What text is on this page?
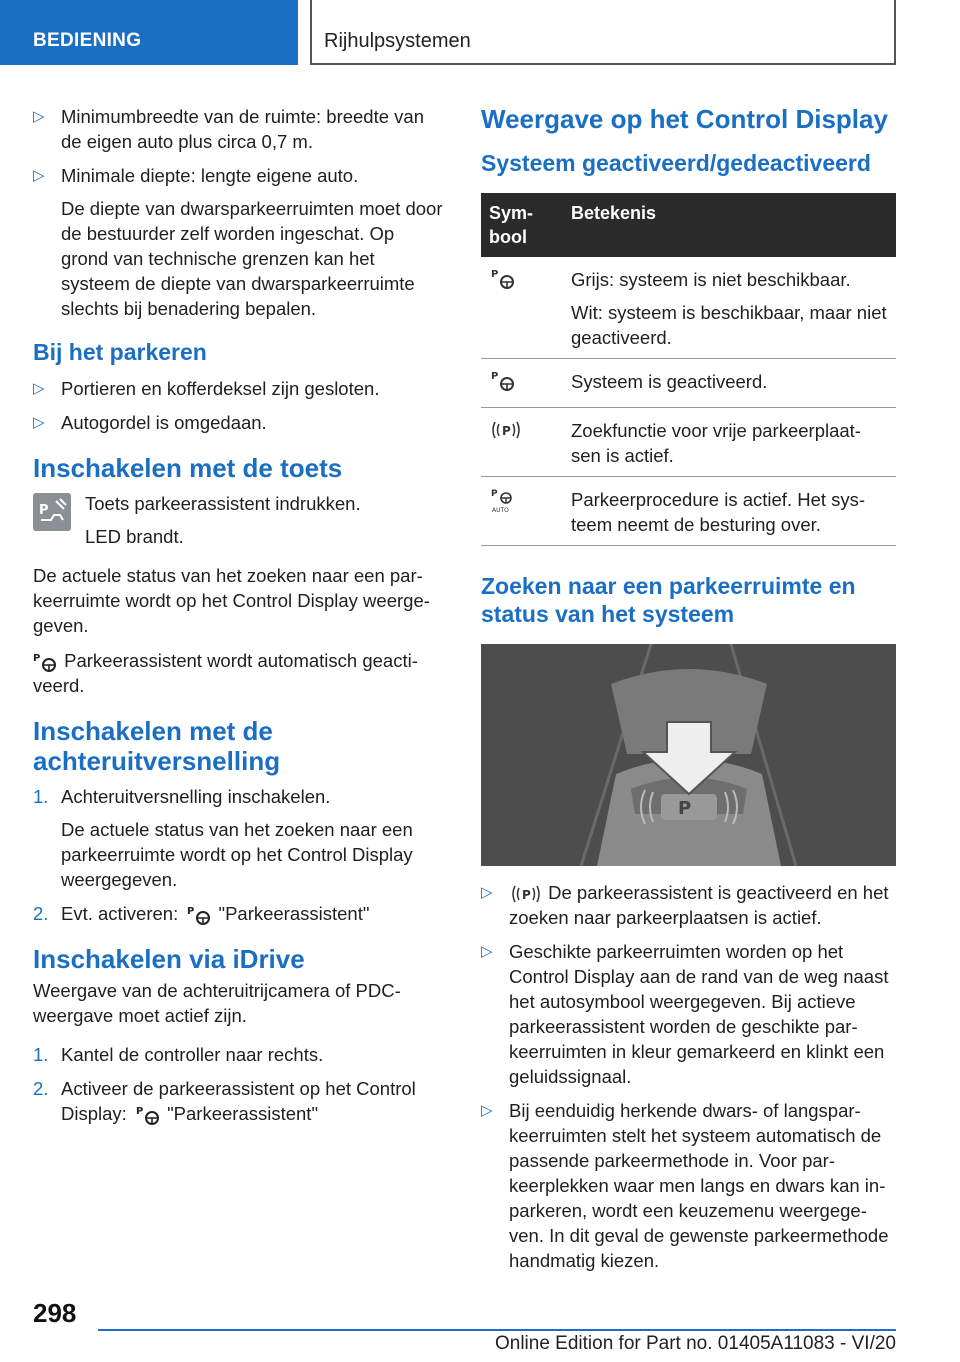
BEDIENING	Rijhulpsystemen
▷ Minimumbreedte van de ruimte: breedte van de eigen auto plus circa 0,7 m.
▷ Minimale diepte: lengte eigene auto.

De diepte van dwarsparkeerruimten moet door de bestuurder zelf worden ingeschat. Op grond van technische grenzen kan het systeem de diepte van dwarsparkeerruimte slechts bij benadering bepalen.

Bij het parkeren
▷ Portieren en kofferdeksel zijn gesloten.
▷ Autogordel is omgedaan.
Inschakelen met de toets
P Toets parkeerassistent indrukken.

LED brandt.

De actuele status van het zoeken naar een par-keerruimte wordt op het Control Display weerge-geven.

P Parkeerassistent wordt automatisch geacti-veerd.

Inschakelen met de achteruitversnelling
1. Achteruitversnelling inschakelen.

De actuele status van het zoeken naar een parkeerruimte wordt op het Control Display weergegeven.

2. Evt. activeren: P "Parkeerassistent"
Inschakelen via iDrive

Weergave van de achteruitrijcamera of PDC-weergave moet actief zijn.

1. Kantel de controller naar rechts.
2. Activeer de parkeerassistent op het Control Display: P "Parkeerassistent"
Weergave op het Control Display
Systeem geactiveerd/gedeactiveerd
Sym-bool	Betekenis

P	Grijs: systeem is niet beschikbaar.

Wit: systeem is beschikbaar, maar niet geactiveerd.

P	Systeem is geactiveerd.

P	Zoekfunctie voor vrije parkeerplaat-sen is actief.

P
AUTO	Parkeerprocedure is actief. Het sys-teem neemt de besturing over.

Zoeken naar een parkeerruimte en status van het systeem
P
▷ P De parkeerassistent is geactiveerd en het zoeken naar parkeerplaatsen is actief.
▷ Geschikte parkeerruimten worden op het Control Display aan de rand van de weg naast het autosymbool weergegeven. Bij actieve parkeerassistent worden de geschikte par-keerruimten in kleur gemarkeerd en klinkt een geluidssignaal.
▷ Bij eenduidig herkende dwars- of langspar-keerruimten stelt het systeem automatisch de passende parkeermethode in. Voor par-keerplekken waar men langs en dwars kan in-parkeren, wordt een keuzemenu weergege-ven. In dit geval de gewenste parkeermethode handmatig kiezen.
298
Online Edition for Part no. 01405A11083 - VI/20
